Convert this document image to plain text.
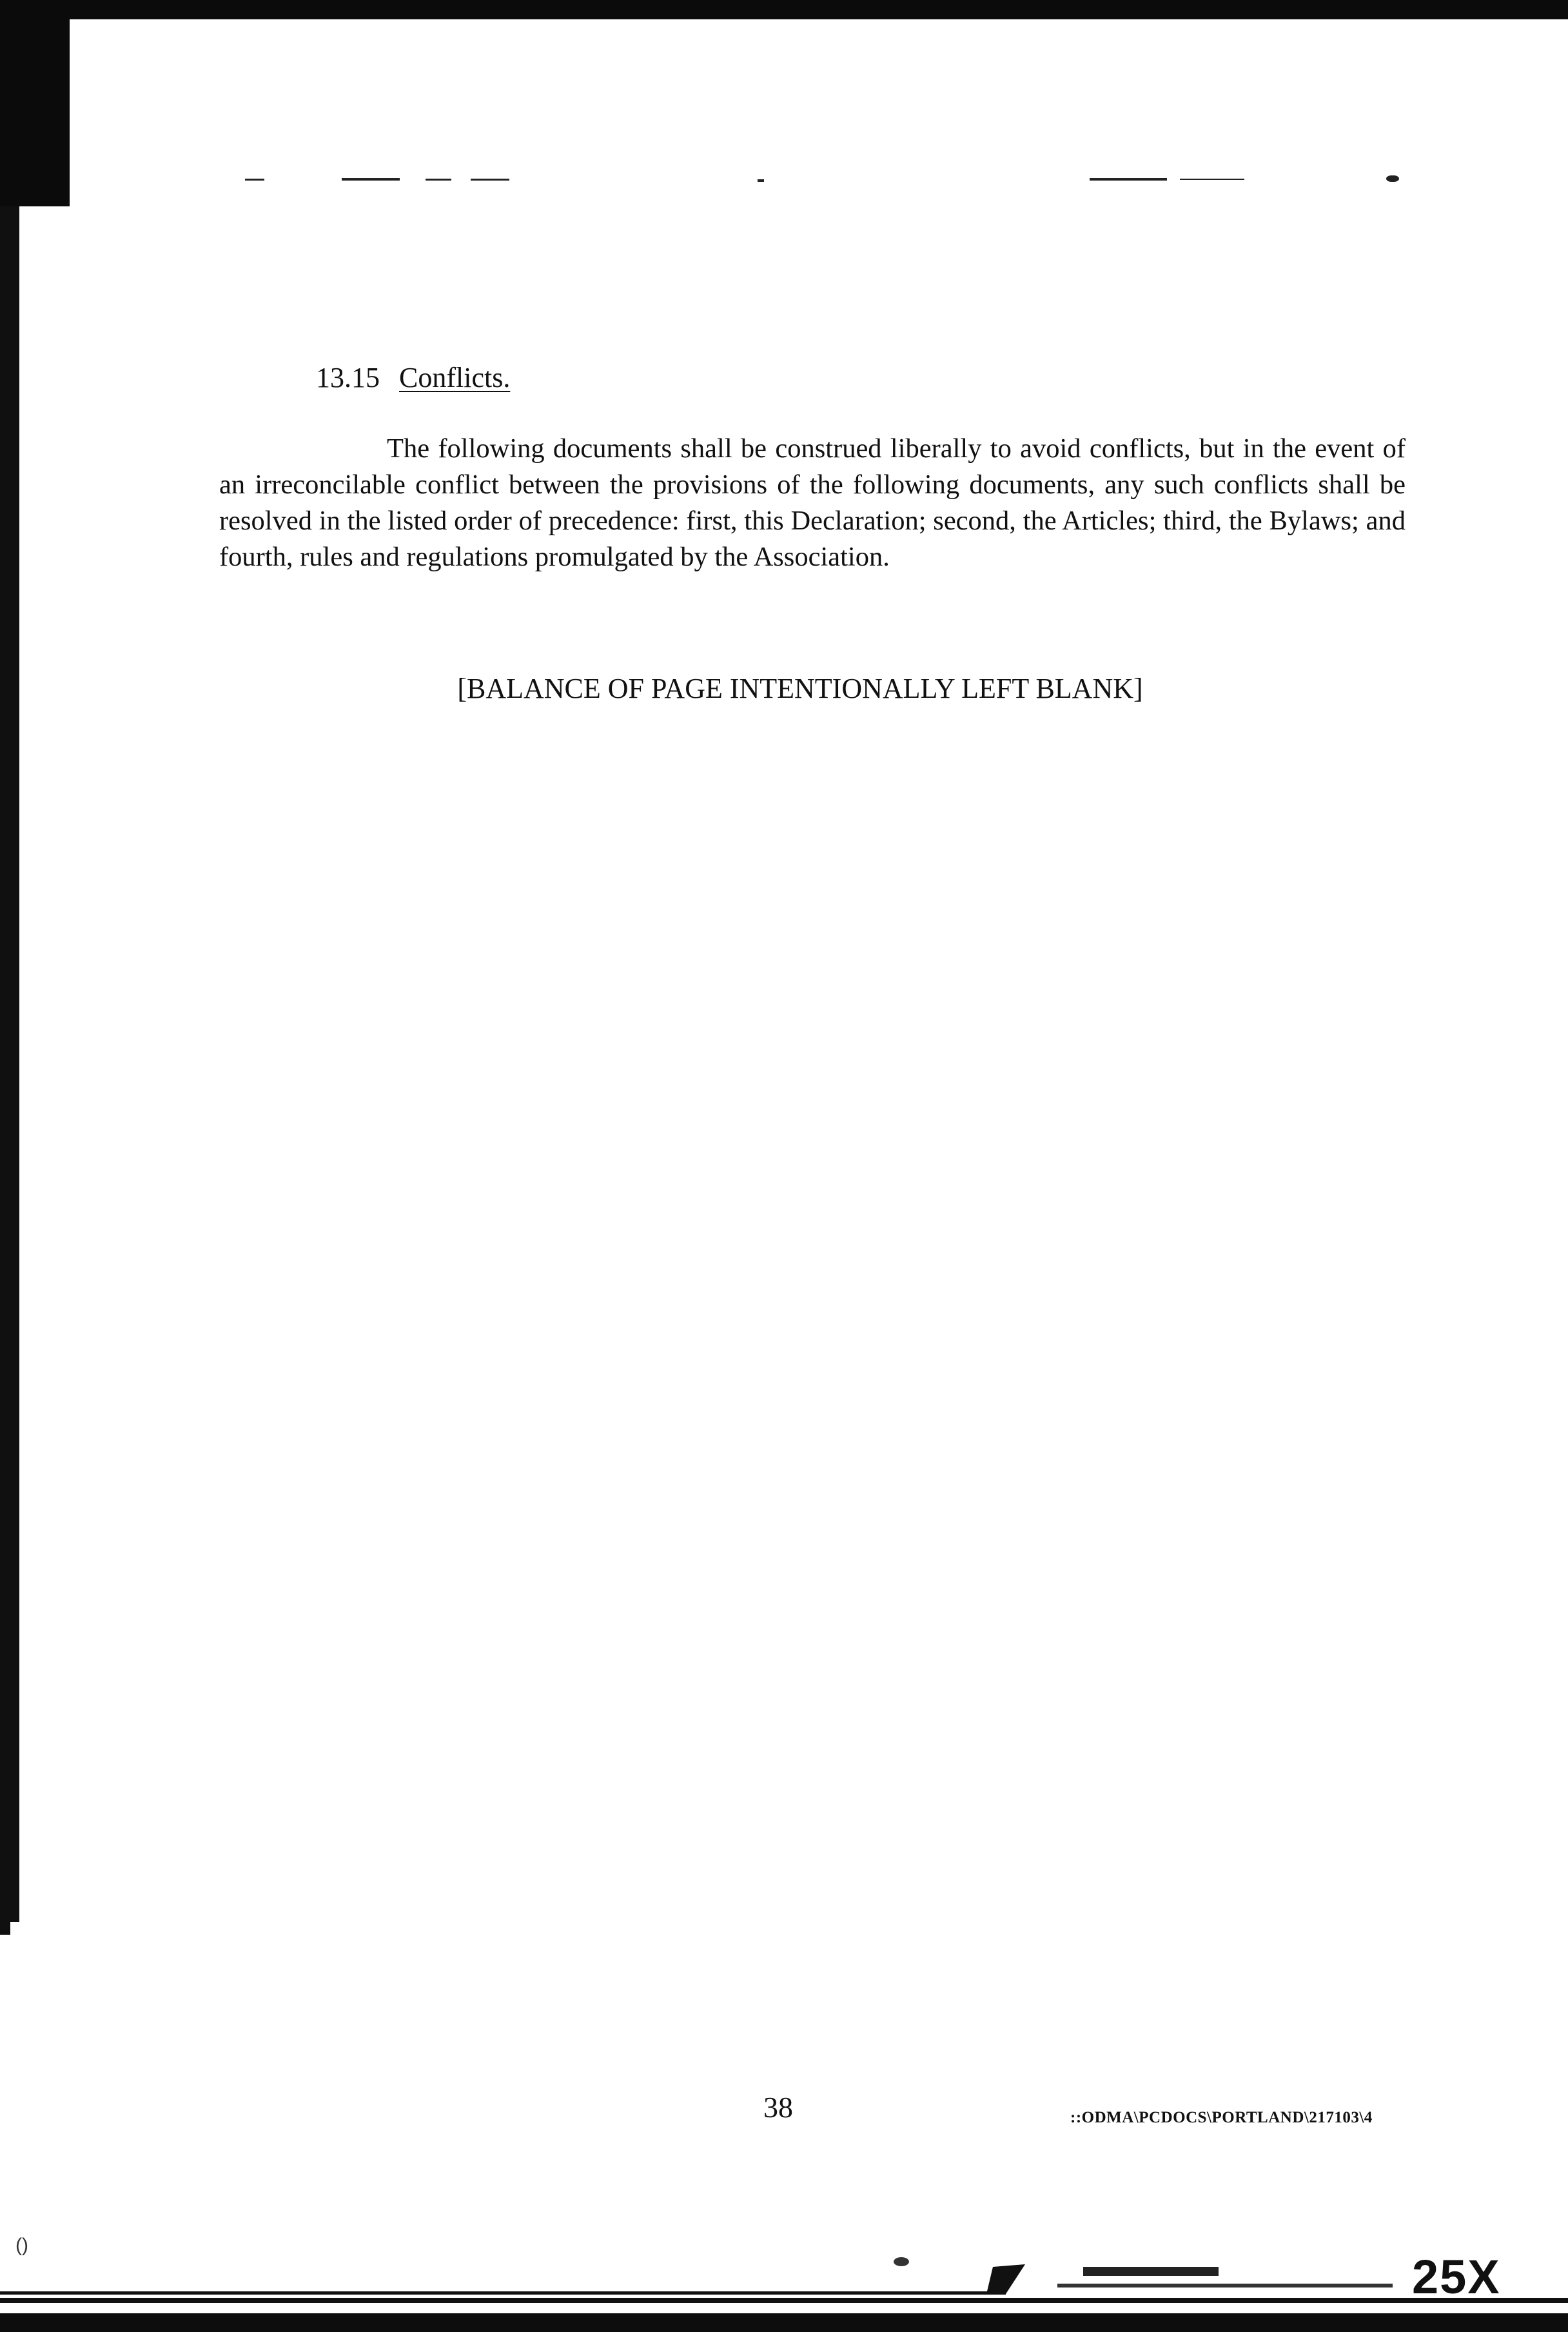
25X
()
13.15 Conflicts.

The following documents shall be construed liberally to avoid conflicts, but in the event of an irreconcilable conflict between the provisions of the following documents, any such conflicts shall be resolved in the listed order of precedence: first, this Declaration; second, the Articles; third, the Bylaws; and fourth, rules and regulations promulgated by the Association.

[BALANCE OF PAGE INTENTIONALLY LEFT BLANK]
38	::ODMA\PCDOCS\PORTLAND\217103\4
